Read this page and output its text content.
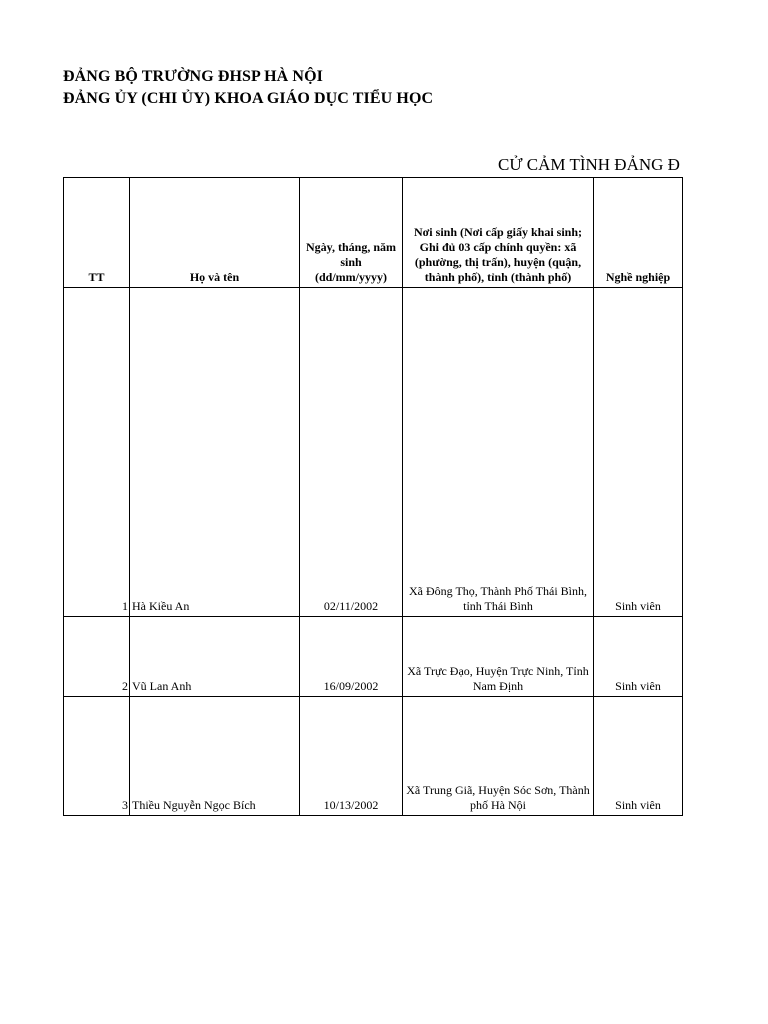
ĐẢNG BỘ TRƯỜNG ĐHSP HÀ NỘI
ĐẢNG ỦY (CHI ỦY) KHOA GIÁO DỤC TIỂU HỌC
CỬ CẢM TÌNH ĐẢNG Đ
TT	Họ và tên	Ngày, tháng, năm sinh (dd/mm/yyyy)	Nơi sinh (Nơi cấp giấy khai sinh; Ghi đủ 03 cấp chính quyền: xã (phường, thị trấn), huyện (quận, thành phố), tỉnh (thành phố)	Nghề nghiệp

1	Hà Kiều An	02/11/2002	Xã Đông Thọ, Thành Phố Thái Bình, tỉnh Thái Bình	Sinh viên
2	Vũ Lan Anh	16/09/2002	Xã Trực Đạo, Huyện Trực Ninh, Tỉnh Nam Định	Sinh viên
3	Thiều Nguyễn Ngọc Bích	10/13/2002	Xã Trung Giã, Huyện Sóc Sơn, Thành phố Hà Nội	Sinh viên
